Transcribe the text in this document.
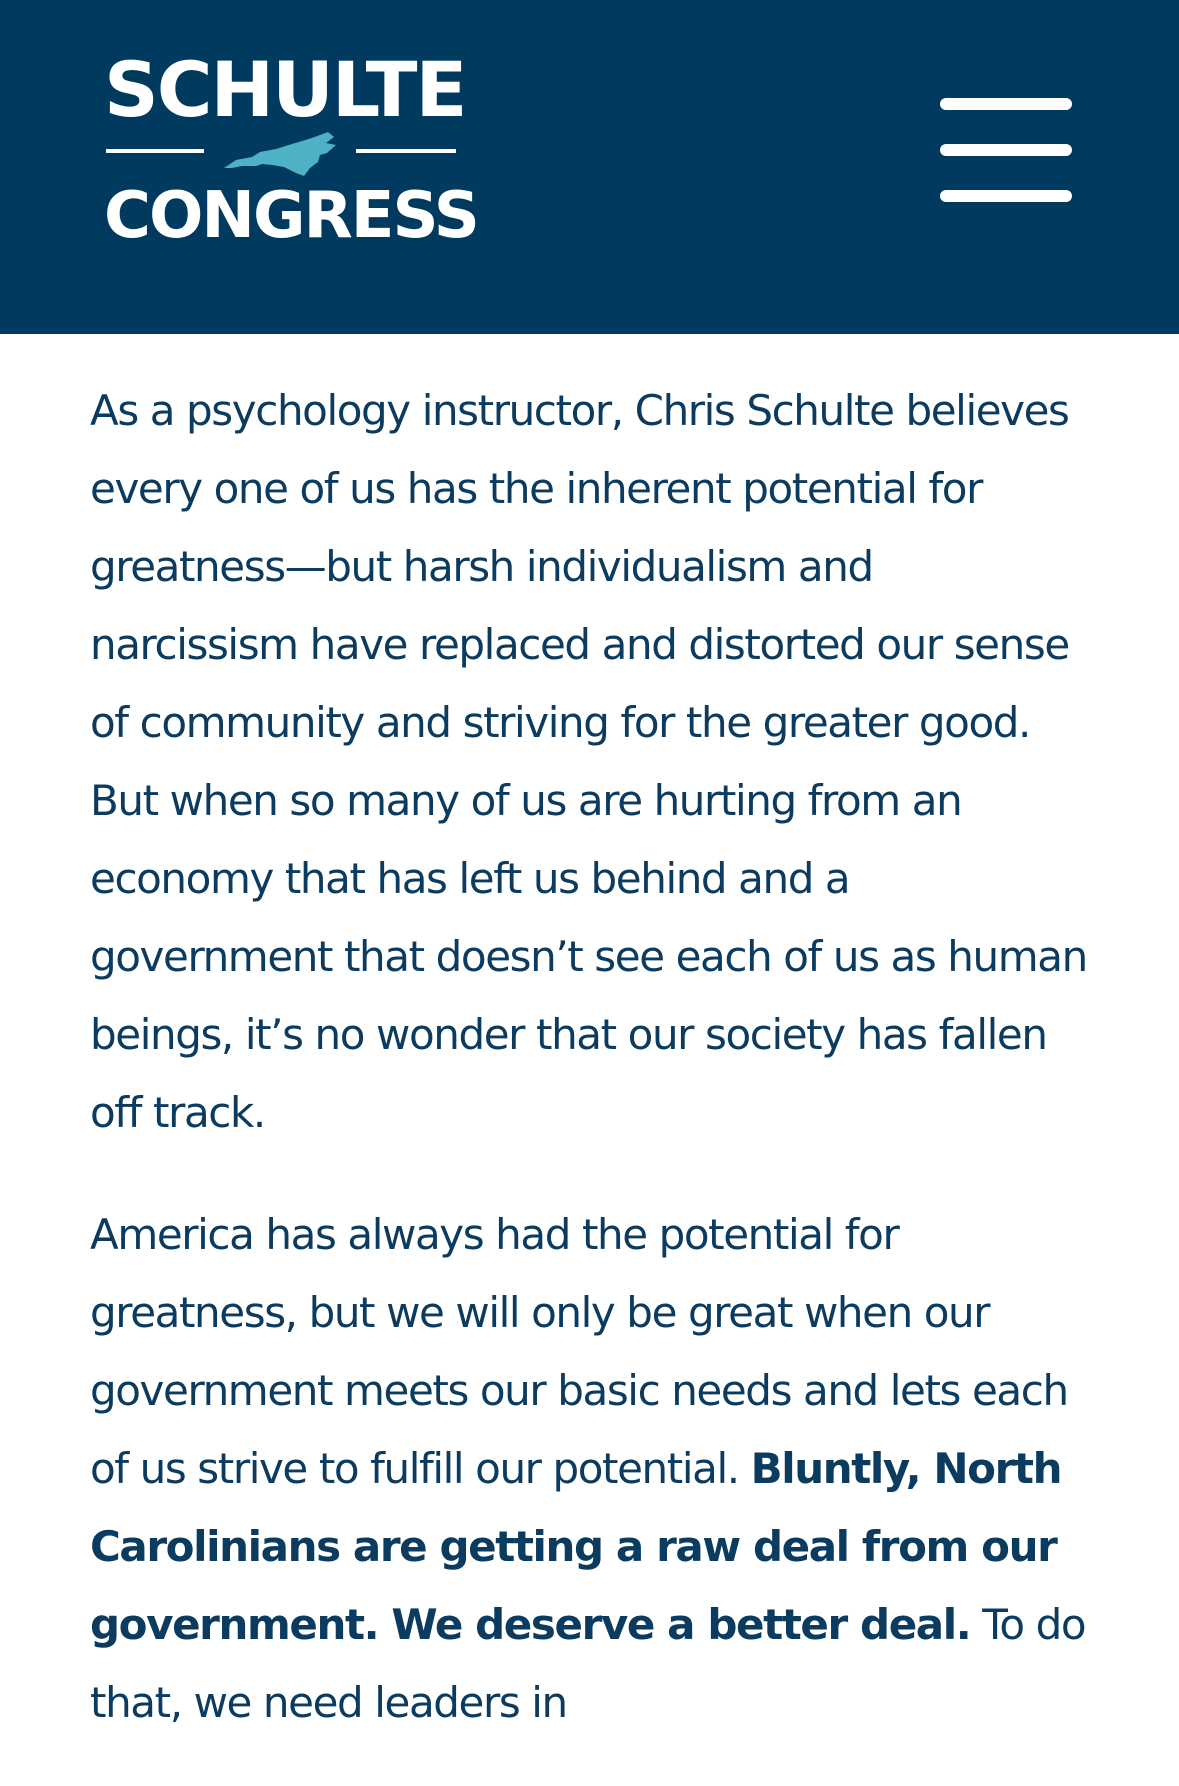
SCHULTE
CONGRESS

As a psychology instructor, Chris Schulte believes every one of us has the inherent potential for greatness—but harsh individualism and narcissism have replaced and distorted our sense of community and striving for the greater good. But when so many of us are hurting from an economy that has left us behind and a government that doesn’t see each of us as human beings, it’s no wonder that our society has fallen off track.

America has always had the potential for greatness, but we will only be great when our government meets our basic needs and lets each of us strive to fulfill our potential. Bluntly, North Carolinians are getting a raw deal from our government. We deserve a better deal. To do that, we need leaders in
